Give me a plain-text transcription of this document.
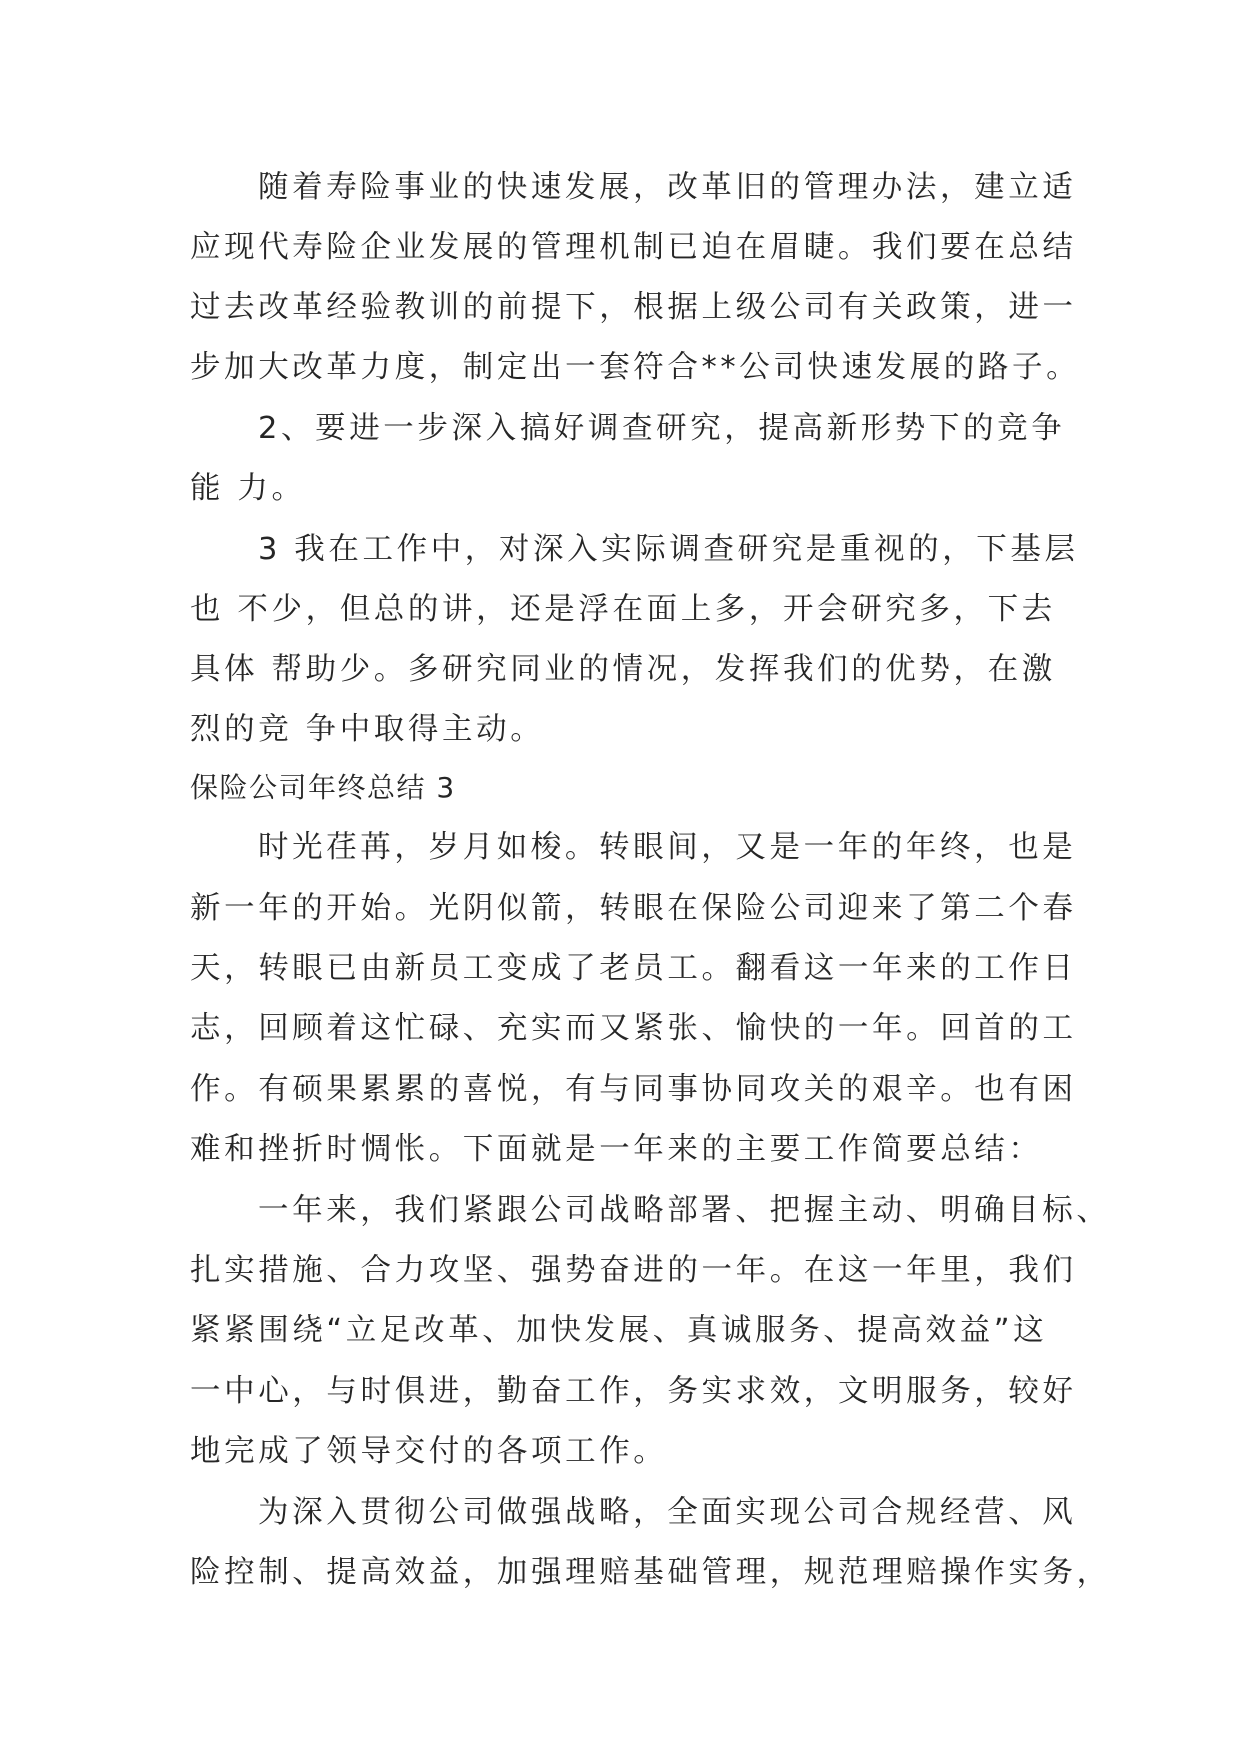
随着寿险事业的快速发展，改革旧的管理办法，建立适
应现代寿险企业发展的管理机制已迫在眉睫。我们要在总结
过去改革经验教训的前提下，根据上级公司有关政策，进一
步加大改革力度，制定出一套符合**公司快速发展的路子。
2、要进一步深入搞好调查研究，提高新形势下的竞争
能 力。
3 我在工作中，对深入实际调查研究是重视的，下基层
也 不少，但总的讲，还是浮在面上多，开会研究多，下去
具体 帮助少。多研究同业的情况，发挥我们的优势，在激
烈的竞 争中取得主动。
保险公司年终总结 3
时光荏苒，岁月如梭。转眼间，又是一年的年终，也是
新一年的开始。光阴似箭，转眼在保险公司迎来了第二个春
天，转眼已由新员工变成了老员工。翻看这一年来的工作日
志，回顾着这忙碌、充实而又紧张、愉快的一年。回首的工
作。有硕果累累的喜悦，有与同事协同攻关的艰辛。也有困
难和挫折时惆怅。下面就是一年来的主要工作简要总结：
一年来，我们紧跟公司战略部署、把握主动、明确目标、
扎实措施、合力攻坚、强势奋进的一年。在这一年里，我们
紧紧围绕“立足改革、加快发展、真诚服务、提高效益”这
一中心，与时俱进，勤奋工作，务实求效，文明服务，较好
地完成了领导交付的各项工作。
为深入贯彻公司做强战略，全面实现公司合规经营、风
险控制、提高效益，加强理赔基础管理，规范理赔操作实务，
